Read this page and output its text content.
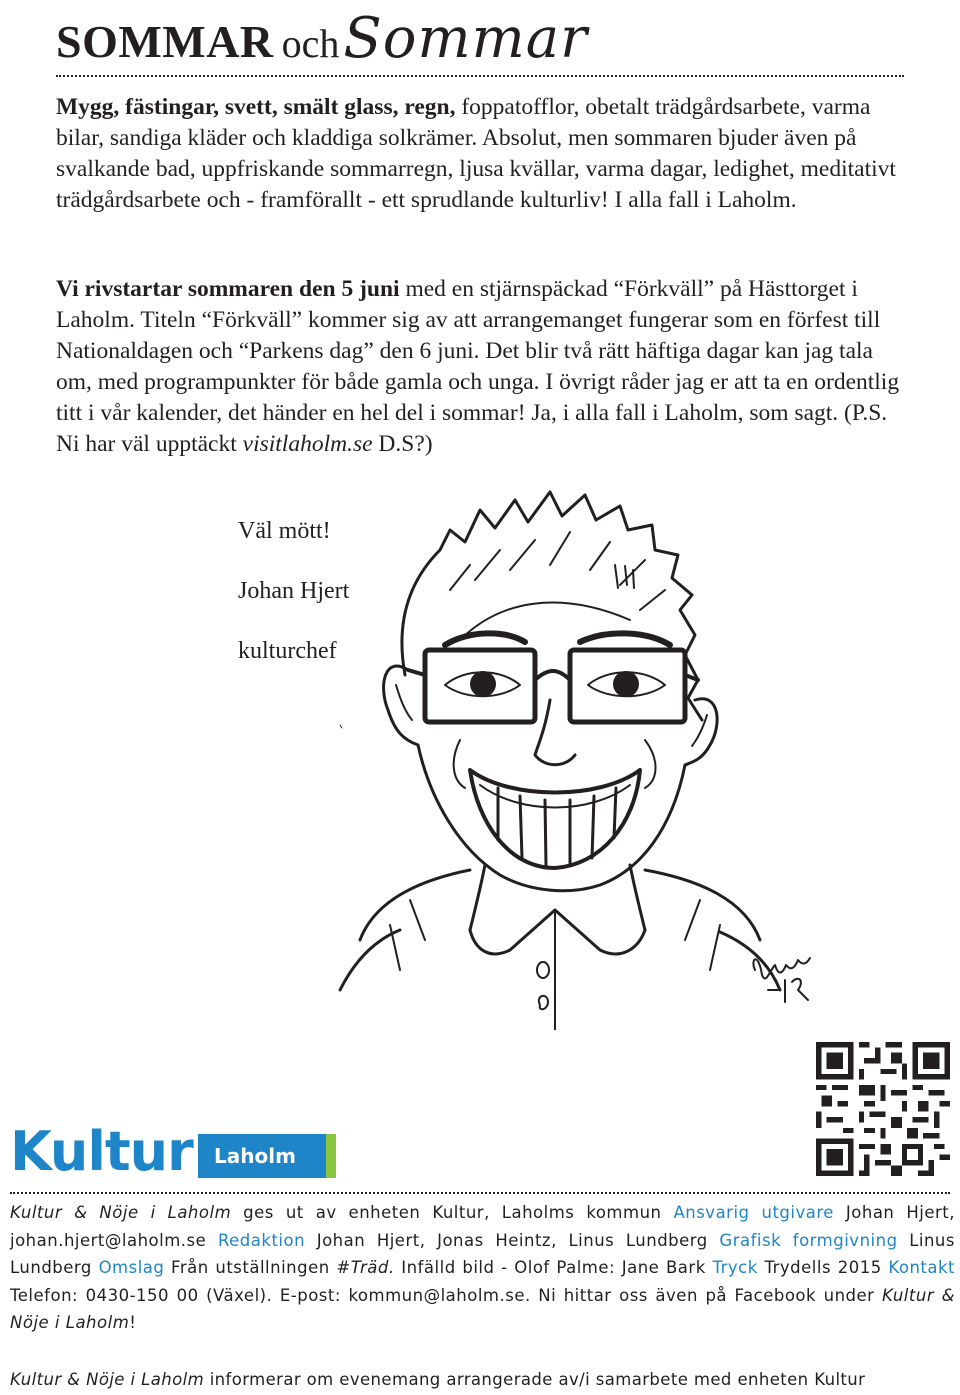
SOMMAR ochSommar

Mygg, fästingar, svett, smält glass, regn, foppatofflor, obetalt trädgårdsarbete, varma bilar, sandiga kläder och kladdiga solkrämer. Absolut, men sommaren bjuder även på svalkande bad, uppfriskande sommarregn, ljusa kvällar, varma dagar, ledighet, meditativt trädgårdsarbete och - framförallt - ett sprudlande kulturliv! I alla fall i Laholm.

Vi rivstartar sommaren den 5 juni med en stjärnspäckad “Förkväll” på Hästtorget i Laholm. Titeln “Förkväll” kommer sig av att arrangemanget fungerar som en förfest till Nationaldagen och “Parkens dag” den 6 juni. Det blir två rätt häftiga dagar kan jag tala om, med programpunkter för både gamla och unga. I övrigt råder jag er att ta en ordentlig titt i vår kalender, det händer en hel del i sommar! Ja, i alla fall i Laholm, som sagt. (P.S. Ni har väl upptäckt visitlaholm.se D.S?)

Väl mött!

Johan Hjert

kulturchef

Kultur Laholm

Kultur & Nöje i Laholm ges ut av enheten Kultur, Laholms kommun Ansvarig utgivare Johan Hjert, johan.hjert@laholm.se Redaktion Johan Hjert, Jonas Heintz, Linus Lundberg Grafisk formgivning Linus Lundberg Omslag Från utställningen #Träd. Infälld bild - Olof Palme: Jane Bark Tryck Trydells 2015 Kontakt Telefon: 0430-150 00 (Växel). E-post: kommun@laholm.se. Ni hittar oss även på Facebook under Kultur & Nöje i Laholm!

Kultur & Nöje i Laholm informerar om evenemang arrangerade av/i samarbete med enheten Kultur
